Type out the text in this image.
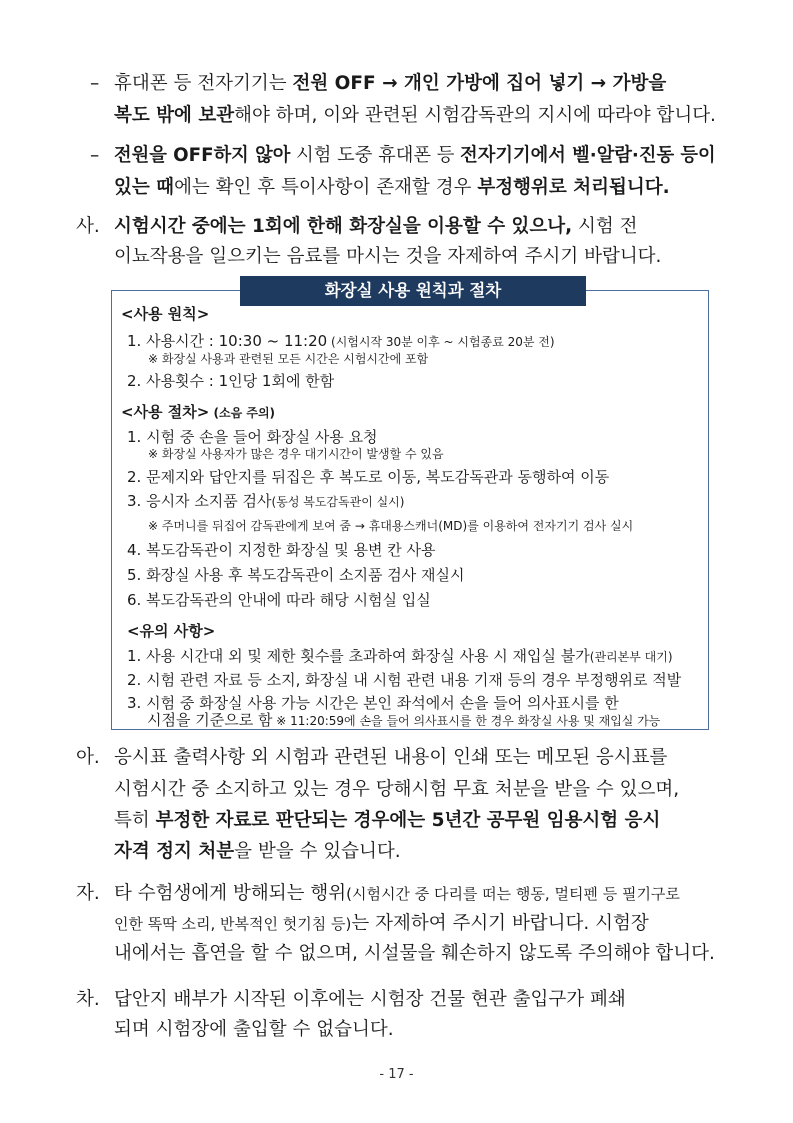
– 휴대폰 등 전자기기는 전원 OFF → 개인 가방에 집어 넣기 → 가방을
복도 밖에 보관해야 하며, 이와 관련된 시험감독관의 지시에 따라야 합니다.
– 전원을 OFF하지 않아 시험 도중 휴대폰 등 전자기기에서 벨·알람·진동 등이
있는 때에는 확인 후 특이사항이 존재할 경우 부정행위로 처리됩니다.
사. 시험시간 중에는 1회에 한해 화장실을 이용할 수 있으나, 시험 전
이뇨작용을 일으키는 음료를 마시는 것을 자제하여 주시기 바랍니다.
화장실 사용 원칙과 절차
<사용 원칙>
1. 사용시간 : 10:30 ~ 11:20 (시험시작 30분 이후 ~ 시험종료 20분 전)
※ 화장실 사용과 관련된 모든 시간은 시험시간에 포함
2. 사용횟수 : 1인당 1회에 한함
<사용 절차> (소음 주의)
1. 시험 중 손을 들어 화장실 사용 요청
※ 화장실 사용자가 많은 경우 대기시간이 발생할 수 있음
2. 문제지와 답안지를 뒤집은 후 복도로 이동, 복도감독관과 동행하여 이동
3. 응시자 소지품 검사(동성 복도감독관이 실시)
※ 주머니를 뒤집어 감독관에게 보여 줌 → 휴대용스캐너(MD)를 이용하여 전자기기 검사 실시
4. 복도감독관이 지정한 화장실 및 용변 칸 사용
5. 화장실 사용 후 복도감독관이 소지품 검사 재실시
6. 복도감독관의 안내에 따라 해당 시험실 입실
<유의 사항>
1. 사용 시간대 외 및 제한 횟수를 초과하여 화장실 사용 시 재입실 불가(관리본부 대기)
2. 시험 관련 자료 등 소지, 화장실 내 시험 관련 내용 기재 등의 경우 부정행위로 적발
3. 시험 중 화장실 사용 가능 시간은 본인 좌석에서 손을 들어 의사표시를 한
시점을 기준으로 함 ※ 11:20:59에 손을 들어 의사표시를 한 경우 화장실 사용 및 재입실 가능
아. 응시표 출력사항 외 시험과 관련된 내용이 인쇄 또는 메모된 응시표를
시험시간 중 소지하고 있는 경우 당해시험 무효 처분을 받을 수 있으며,
특히 부정한 자료로 판단되는 경우에는 5년간 공무원 임용시험 응시
자격 정지 처분을 받을 수 있습니다.
자. 타 수험생에게 방해되는 행위(시험시간 중 다리를 떠는 행동, 멀티펜 등 필기구로
인한 똑딱 소리, 반복적인 헛기침 등)는 자제하여 주시기 바랍니다. 시험장
내에서는 흡연을 할 수 없으며, 시설물을 훼손하지 않도록 주의해야 합니다.
차. 답안지 배부가 시작된 이후에는 시험장 건물 현관 출입구가 폐쇄
되며 시험장에 출입할 수 없습니다.
- 17 -
